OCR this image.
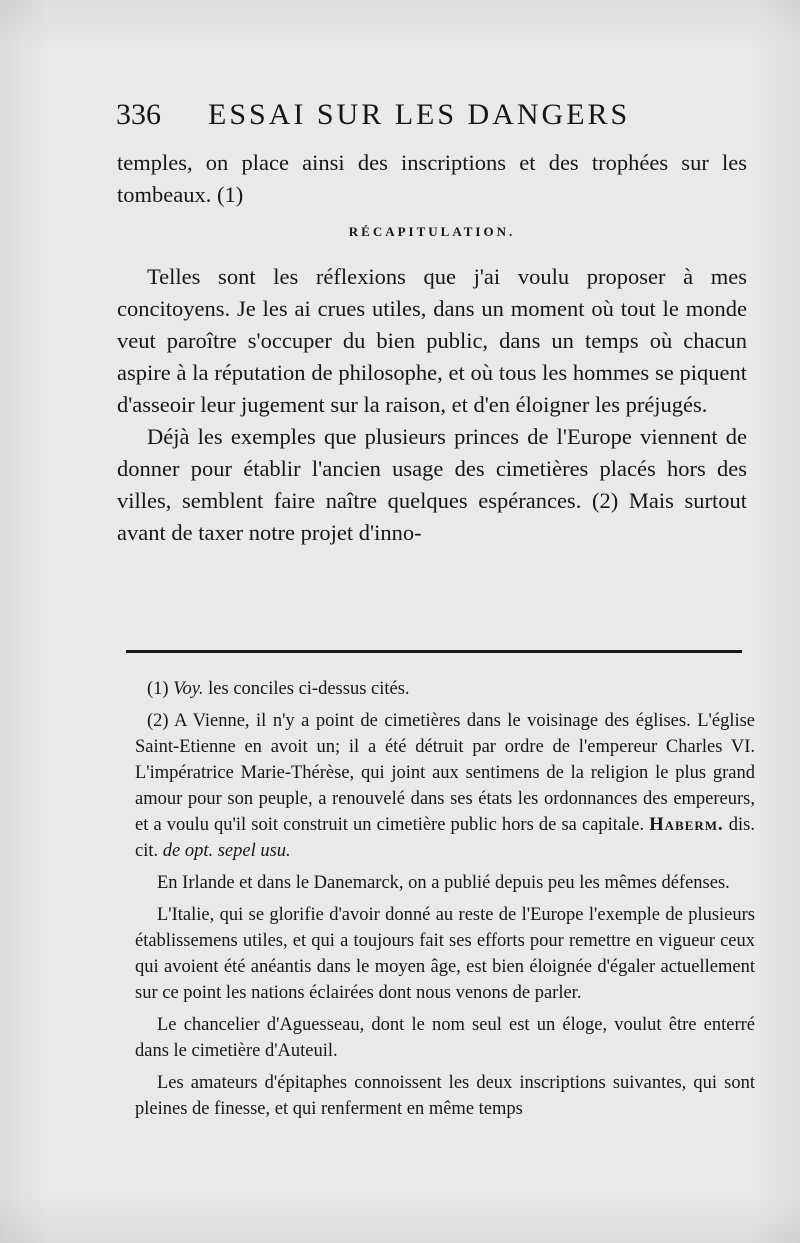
336 ESSAI SUR LES DANGERS

temples, on place ainsi des inscriptions et des trophées sur les tombeaux. (1)

RÉCAPITULATION.

Telles sont les réflexions que j'ai voulu proposer à mes concitoyens. Je les ai crues utiles, dans un moment où tout le monde veut paroître s'occuper du bien public, dans un temps où chacun aspire à la réputation de philosophe, et où tous les hommes se piquent d'asseoir leur jugement sur la raison, et d'en éloigner les préjugés.

Déjà les exemples que plusieurs princes de l'Europe viennent de donner pour établir l'ancien usage des cimetières placés hors des villes, semblent faire naître quelques espérances. (2) Mais surtout avant de taxer notre projet d'inno-

(1) Voy. les conciles ci-dessus cités.

(2) A Vienne, il n'y a point de cimetières dans le voisinage des églises. L'église Saint-Etienne en avoit un; il a été détruit par ordre de l'empereur Charles VI. L'impératrice Marie-Thérèse, qui joint aux sentimens de la religion le plus grand amour pour son peuple, a renouvelé dans ses états les ordonnances des empereurs, et a voulu qu'il soit construit un cimetière public hors de sa capitale. Haberm. dis. cit. de opt. sepel usu.

En Irlande et dans le Danemarck, on a publié depuis peu les mêmes défenses.

L'Italie, qui se glorifie d'avoir donné au reste de l'Europe l'exemple de plusieurs établissemens utiles, et qui a toujours fait ses efforts pour remettre en vigueur ceux qui avoient été anéantis dans le moyen âge, est bien éloignée d'égaler actuellement sur ce point les nations éclairées dont nous venons de parler.

Le chancelier d'Aguesseau, dont le nom seul est un éloge, voulut être enterré dans le cimetière d'Auteuil.

Les amateurs d'épitaphes connoissent les deux inscriptions suivantes, qui sont pleines de finesse, et qui renferment en même temps
